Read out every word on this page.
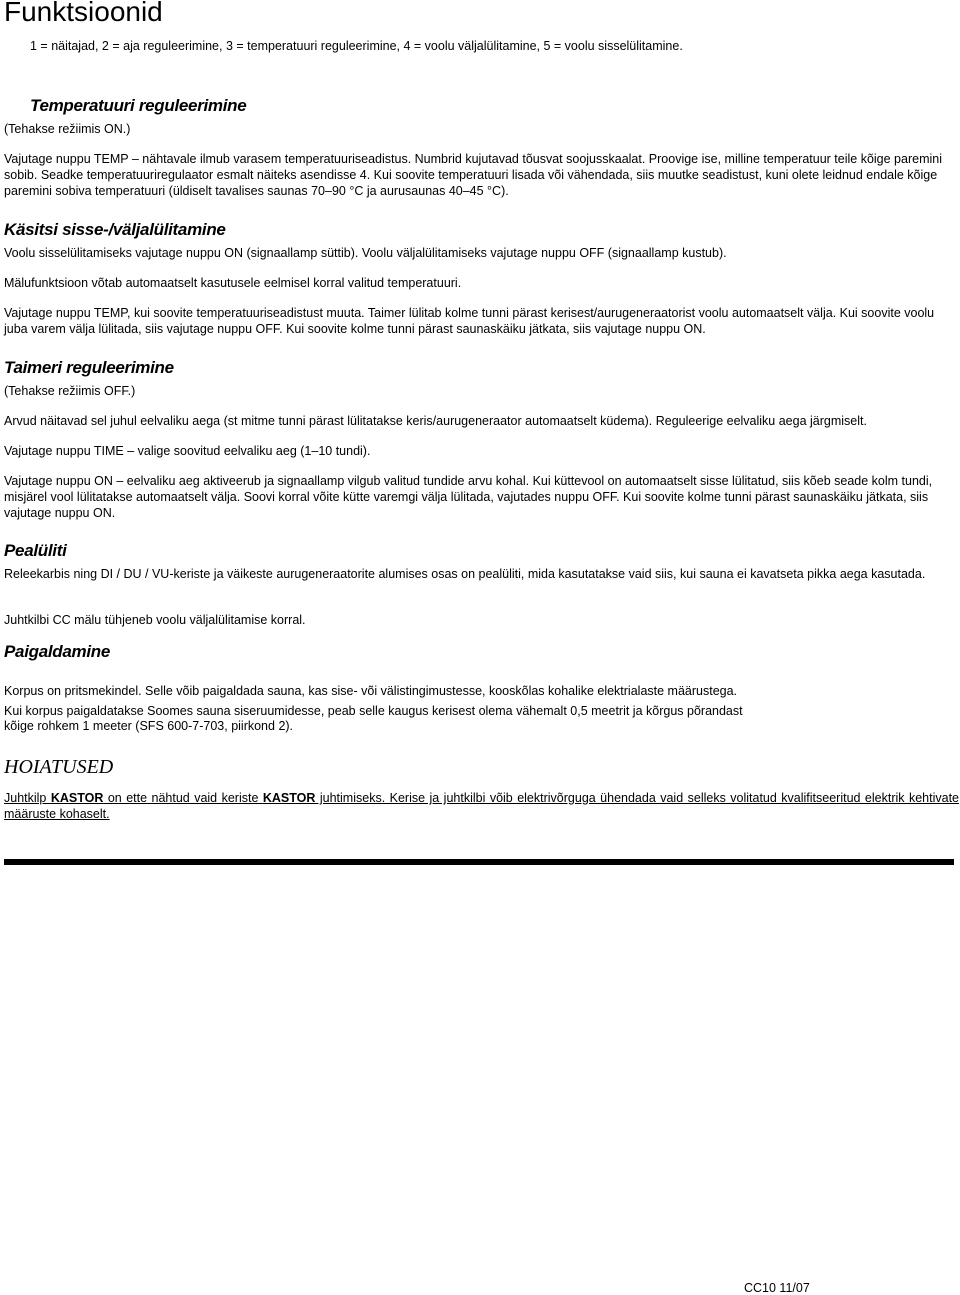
Funktsioonid
1 = näitajad, 2 = aja reguleerimine, 3 = temperatuuri reguleerimine, 4 = voolu väljalülitamine, 5 = voolu sisselülitamine.
Temperatuuri reguleerimine
(Tehakse režiimis ON.)
Vajutage nuppu TEMP – nähtavale ilmub varasem temperatuuriseadistus. Numbrid kujutavad tõusvat soojusskaalat. Proovige ise, milline temperatuur teile kõige paremini sobib. Seadke temperatuuriregulaator esmalt näiteks asendisse 4. Kui soovite temperatuuri lisada või vähendada, siis muutke seadistust, kuni olete leidnud endale kõige paremini sobiva temperatuuri (üldiselt tavalises saunas 70–90 °C ja aurusaunas 40–45 °C).
Käsitsi sisse-/väljalülitamine
Voolu sisselülitamiseks vajutage nuppu ON (signaallamp süttib). Voolu väljalülitamiseks vajutage nuppu OFF (signaallamp kustub).
Mälufunktsioon võtab automaatselt kasutusele eelmisel korral valitud temperatuuri.
Vajutage nuppu TEMP, kui soovite temperatuuriseadistust muuta. Taimer lülitab kolme tunni pärast kerisest/aurugeneraatorist voolu automaatselt välja. Kui soovite voolu juba varem välja lülitada, siis vajutage nuppu OFF. Kui soovite kolme tunni pärast saunaskäiku jätkata, siis vajutage nuppu ON.
Taimeri reguleerimine
(Tehakse režiimis OFF.)
Arvud näitavad sel juhul eelvaliku aega (st mitme tunni pärast lülitatakse keris/aurugeneraator automaatselt küdema). Reguleerige eelvaliku aega järgmiselt.
Vajutage nuppu TIME – valige soovitud eelvaliku aeg (1–10 tundi).
Vajutage nuppu ON – eelvaliku aeg aktiveerub ja signaallamp vilgub valitud tundide arvu kohal. Kui küttevool on automaatselt sisse lülitatud, siis kõeb seade kolm tundi, misjärel vool lülitatakse automaatselt välja. Soovi korral võite kütte varemgi välja lülitada, vajutades nuppu OFF. Kui soovite kolme tunni pärast saunaskäiku jätkata, siis vajutage nuppu ON.
Pealüliti
Releekarbis ning DI / DU / VU-keriste ja väikeste aurugeneraatorite alumises osas on pealüliti, mida kasutatakse vaid siis, kui sauna ei kavatseta pikka aega kasutada.
Juhtkilbi CC mälu tühjeneb voolu väljalülitamise korral.
Paigaldamine
Korpus on pritsmekindel. Selle võib paigaldada sauna, kas sise- või välistingimustesse, kooskõlas kohalike elektrialaste määrustega.
Kui korpus paigaldatakse Soomes sauna siseruumidesse, peab selle kaugus kerisest olema vähemalt 0,5 meetrit ja kõrgus põrandast
kõige rohkem 1 meeter (SFS 600-7-703, piirkond 2).
HOIATUSED
Juhtkilp KASTOR on ette nähtud vaid keriste KASTOR juhtimiseks. Kerise ja juhtkilbi võib elektrivõrguga ühendada vaid selleks volitatud kvalifitseeritud elektrik kehtivate määruste kohaselt.
CC10 11/07
